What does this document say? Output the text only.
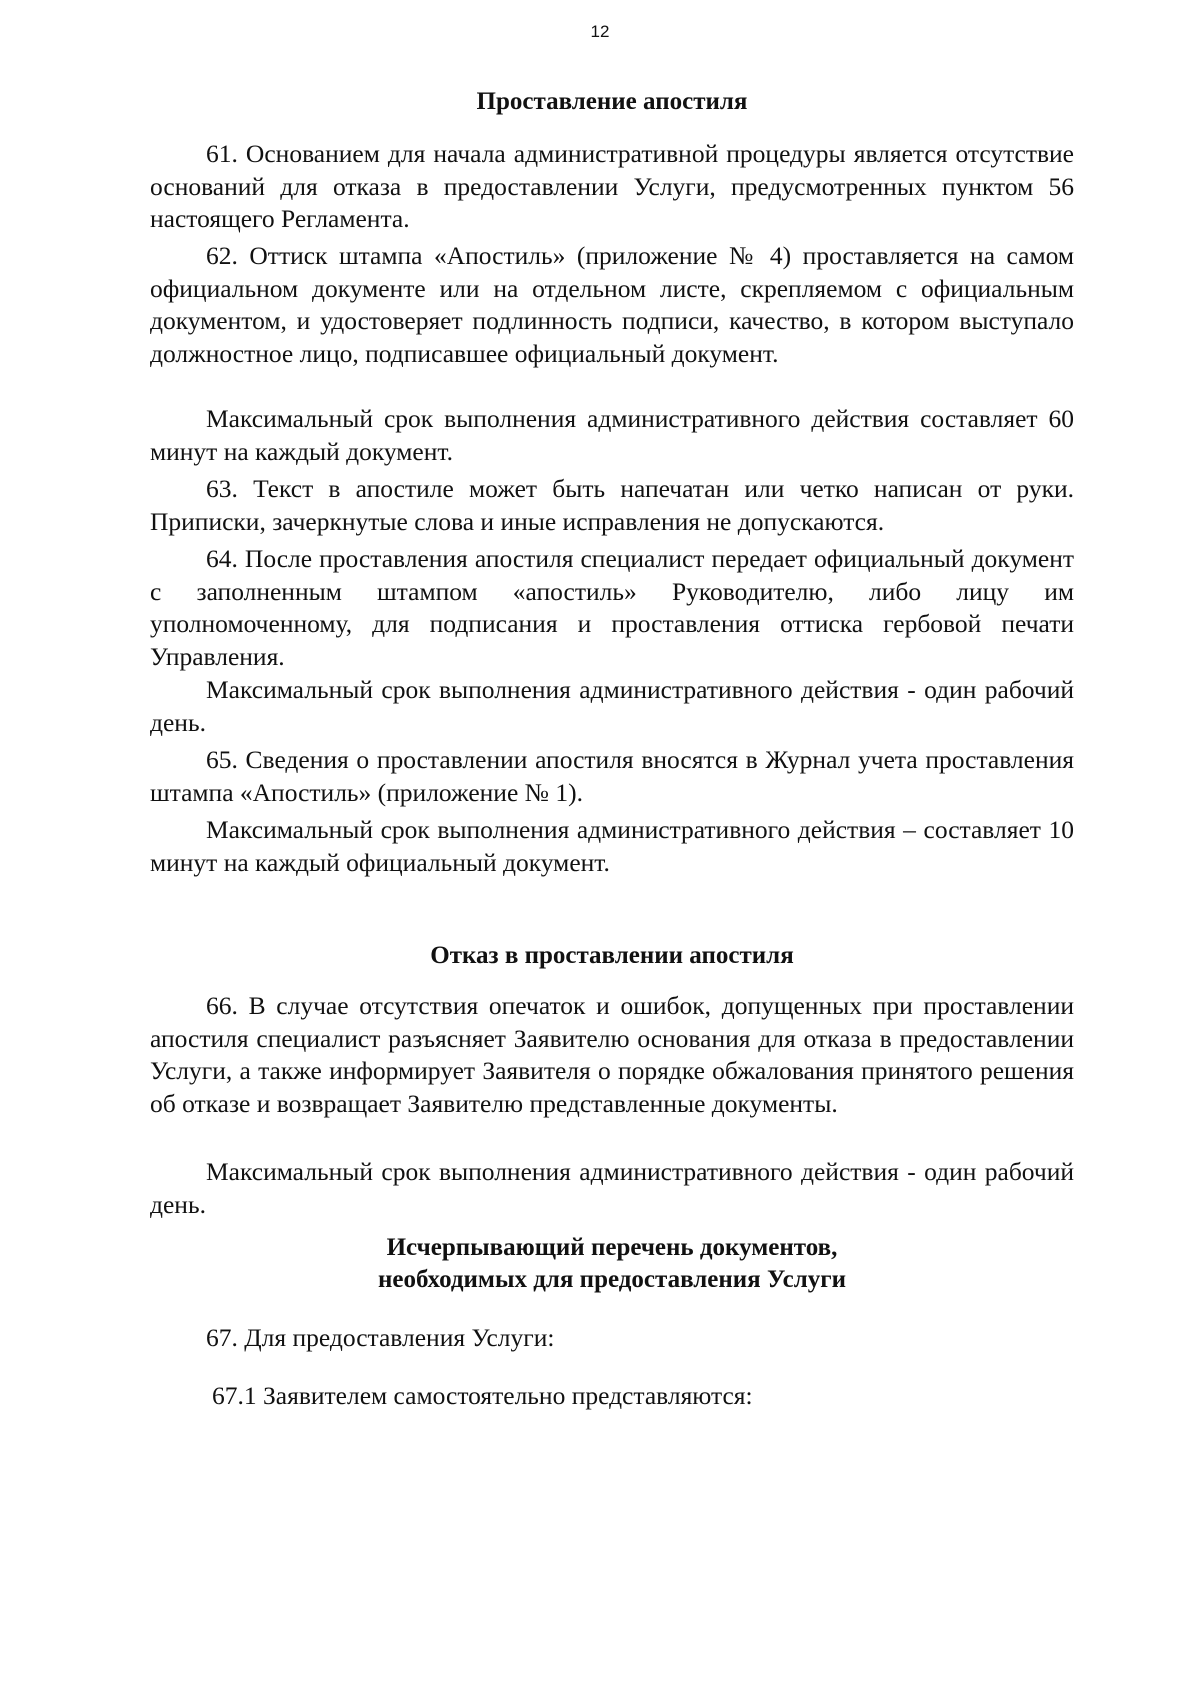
12
Проставление апостиля

61. Основанием для начала административной процедуры является отсутствие оснований для отказа в предоставлении Услуги, предусмотренных пунктом 56 настоящего Регламента.

62. Оттиск штампа «Апостиль» (приложение № 4) проставляется на самом официальном документе или на отдельном листе, скрепляемом с официальным документом, и удостоверяет подлинность подписи, качество, в котором выступало должностное лицо, подписавшее официальный документ.

Максимальный срок выполнения административного действия составляет 60 минут на каждый документ.

63. Текст в апостиле может быть напечатан или четко написан от руки. Приписки, зачеркнутые слова и иные исправления не допускаются.

64. После проставления апостиля специалист передает официальный документ с заполненным штампом «апостиль» Руководителю, либо лицу им уполномоченному, для подписания и проставления оттиска гербовой печати Управления.

Максимальный срок выполнения административного действия - один рабочий день.

65. Сведения о проставлении апостиля вносятся в Журнал учета проставления штампа «Апостиль» (приложение № 1).

Максимальный срок выполнения административного действия – составляет 10 минут на каждый официальный документ.

Отказ в проставлении апостиля

66. В случае отсутствия опечаток и ошибок, допущенных при проставлении апостиля специалист разъясняет Заявителю основания для отказа в предоставлении Услуги, а также информирует Заявителя о порядке обжалования принятого решения об отказе и возвращает Заявителю представленные документы.

Максимальный срок выполнения административного действия - один рабочий день.

Исчерпывающий перечень документов,
необходимых для предоставления Услуги

67. Для предоставления Услуги:

67.1 Заявителем самостоятельно представляются:
